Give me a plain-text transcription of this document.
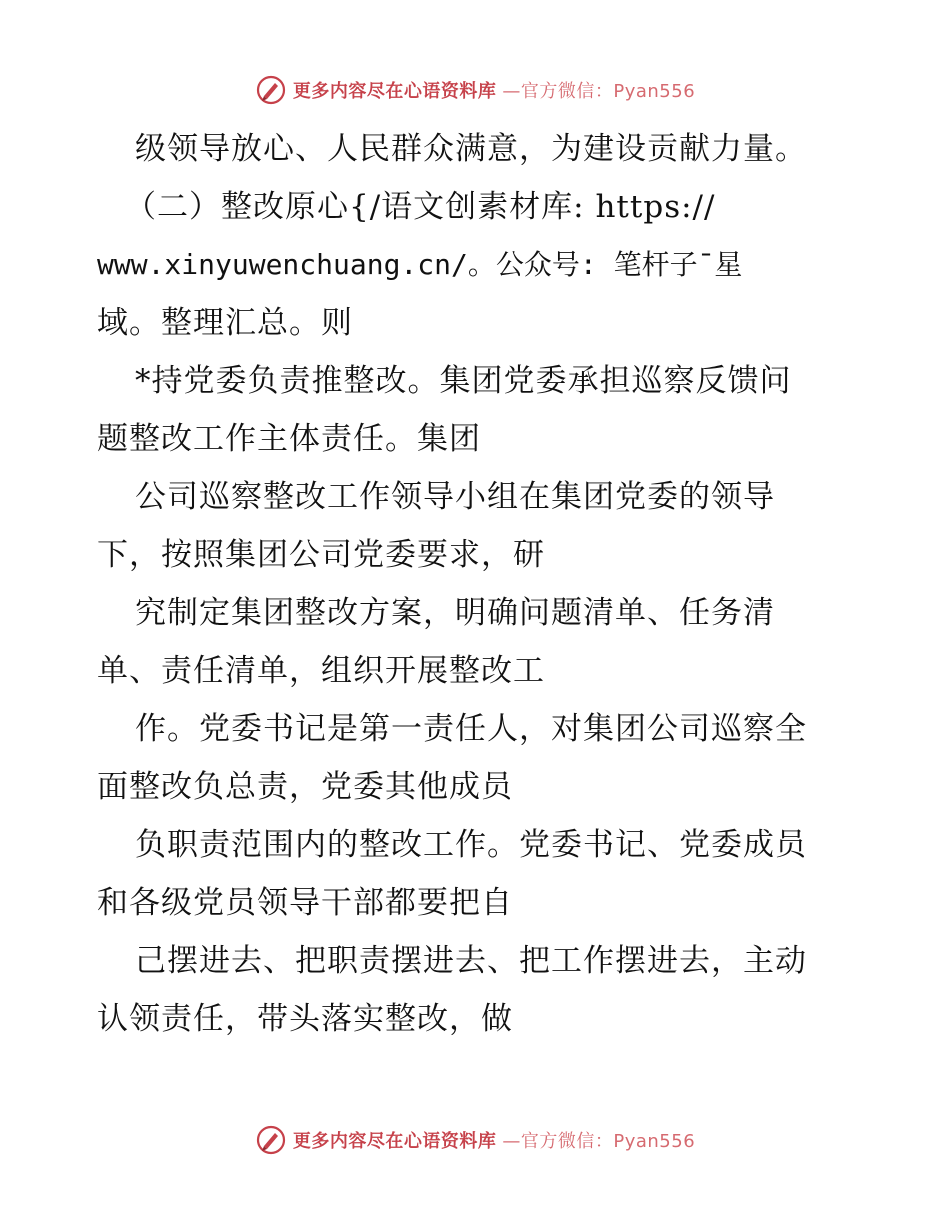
更多内容尽在心语资料库 —官方微信：Pyan556
级领导放心、人民群众满意，为建设贡献力量。
（二）整改原心{/语文创素材库: https://
www.xinyuwenchuang.cn/。公众号: 笔杆子¯星
域。整理汇总。则
*持党委负责推整改。集团党委承担巡察反馈问
题整改工作主体责任。集团
公司巡察整改工作领导小组在集团党委的领导
下，按照集团公司党委要求，研
究制定集团整改方案，明确问题清单、任务清
单、责任清单，组织开展整改工
作。党委书记是第一责任人，对集团公司巡察全
面整改负总责，党委其他成员
负职责范围内的整改工作。党委书记、党委成员
和各级党员领导干部都要把自
己摆进去、把职责摆进去、把工作摆进去，主动
认领责任，带头落实整改，做
更多内容尽在心语资料库 —官方微信：Pyan556
